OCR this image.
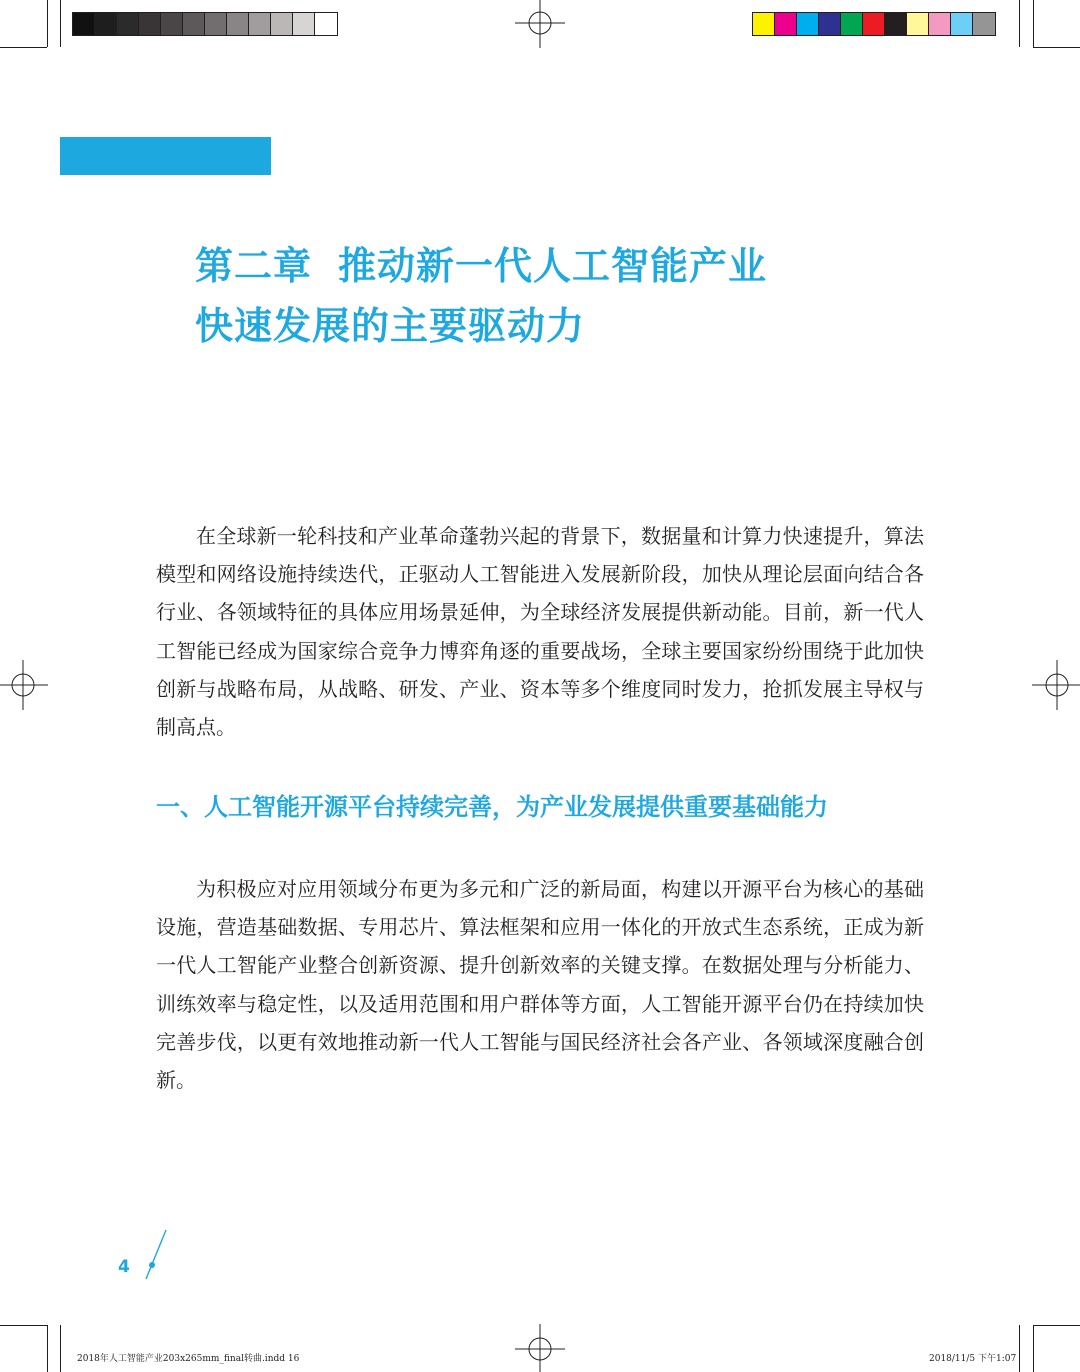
第二章 推动新一代人工智能产业
快速发展的主要驱动力

在全球新一轮科技和产业革命蓬勃兴起的背景下，数据量和计算力快速提升，算法模型和网络设施持续迭代，正驱动人工智能进入发展新阶段，加快从理论层面向结合各行业、各领域特征的具体应用场景延伸，为全球经济发展提供新动能。目前，新一代人工智能已经成为国家综合竞争力博弈角逐的重要战场，全球主要国家纷纷围绕于此加快创新与战略布局，从战略、研发、产业、资本等多个维度同时发力，抢抓发展主导权与制高点。

一、人工智能开源平台持续完善，为产业发展提供重要基础能力

为积极应对应用领域分布更为多元和广泛的新局面，构建以开源平台为核心的基础设施，营造基础数据、专用芯片、算法框架和应用一体化的开放式生态系统，正成为新一代人工智能产业整合创新资源、提升创新效率的关键支撑。在数据处理与分析能力、训练效率与稳定性，以及适用范围和用户群体等方面，人工智能开源平台仍在持续加快完善步伐，以更有效地推动新一代人工智能与国民经济社会各产业、各领域深度融合创新。

4
2018年人工智能产业203x265mm_final转曲.indd 16	2018/11/5 下午1:07
